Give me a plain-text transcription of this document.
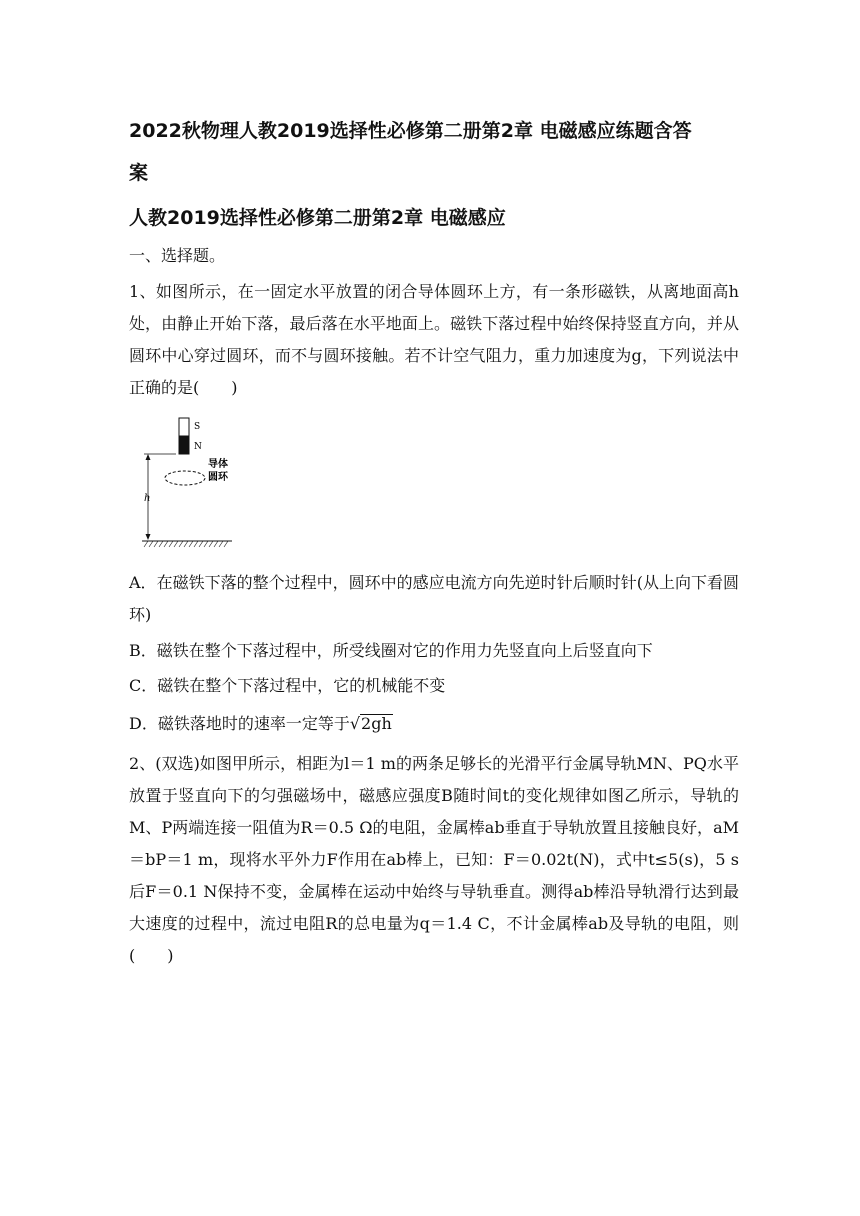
2022秋物理人教2019选择性必修第二册第2章 电磁感应练题含答
案
人教2019选择性必修第二册第2章 电磁感应
一、选择题。
1、如图所示，在一固定水平放置的闭合导体圆环上方，有一条形磁铁，从离地面高h处，由静止开始下落，最后落在水平地面上。磁铁下落过程中始终保持竖直方向，并从圆环中心穿过圆环，而不与圆环接触。若不计空气阻力，重力加速度为g，下列说法中正确的是(　　)
S
N
导体
圆环
h
A．在磁铁下落的整个过程中，圆环中的感应电流方向先逆时针后顺时针(从上向下看圆环)
B．磁铁在整个下落过程中，所受线圈对它的作用力先竖直向上后竖直向下
C．磁铁在整个下落过程中，它的机械能不变
D．磁铁落地时的速率一定等于√2gh
2、(双选)如图甲所示，相距为l＝1 m的两条足够长的光滑平行金属导轨MN、PQ水平放置于竖直向下的匀强磁场中，磁感应强度B随时间t的变化规律如图乙所示，导轨的M、P两端连接一阻值为R＝0.5 Ω的电阻，金属棒ab垂直于导轨放置且接触良好，aM＝bP＝1 m，现将水平外力F作用在ab棒上，已知：F＝0.02t(N)，式中t≤5(s)，5 s后F＝0.1 N保持不变，金属棒在运动中始终与导轨垂直。测得ab棒沿导轨滑行达到最大速度的过程中，流过电阻R的总电量为q＝1.4 C，不计金属棒ab及导轨的电阻，则(　　)
